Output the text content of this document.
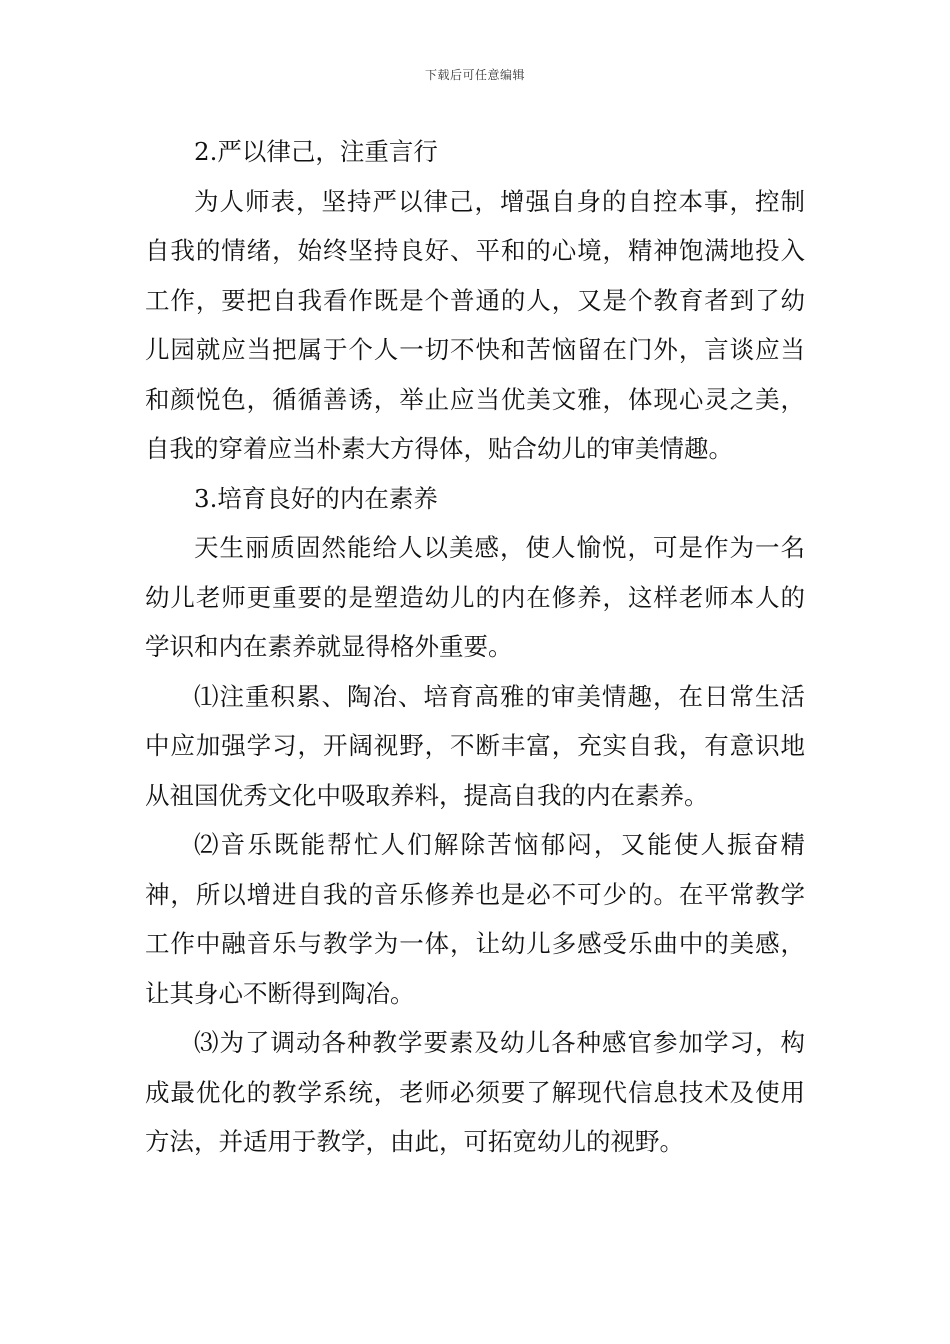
下载后可任意编辑

2.严以律己，注重言行

为人师表，坚持严以律己，增强自身的自控本事，控制自我的情绪，始终坚持良好、平和的心境，精神饱满地投入工作，要把自我看作既是个普通的人，又是个教育者到了幼儿园就应当把属于个人一切不快和苦恼留在门外，言谈应当和颜悦色，循循善诱，举止应当优美文雅，体现心灵之美，自我的穿着应当朴素大方得体，贴合幼儿的审美情趣。

3.培育良好的内在素养

天生丽质固然能给人以美感，使人愉悦，可是作为一名幼儿老师更重要的是塑造幼儿的内在修养，这样老师本人的学识和内在素养就显得格外重要。

⑴注重积累、陶冶、培育高雅的审美情趣，在日常生活中应加强学习，开阔视野，不断丰富，充实自我，有意识地从祖国优秀文化中吸取养料，提高自我的内在素养。

⑵音乐既能帮忙人们解除苦恼郁闷，又能使人振奋精神，所以增进自我的音乐修养也是必不可少的。在平常教学工作中融音乐与教学为一体，让幼儿多感受乐曲中的美感，让其身心不断得到陶冶。

⑶为了调动各种教学要素及幼儿各种感官参加学习，构成最优化的教学系统，老师必须要了解现代信息技术及使用方法，并适用于教学，由此，可拓宽幼儿的视野。
